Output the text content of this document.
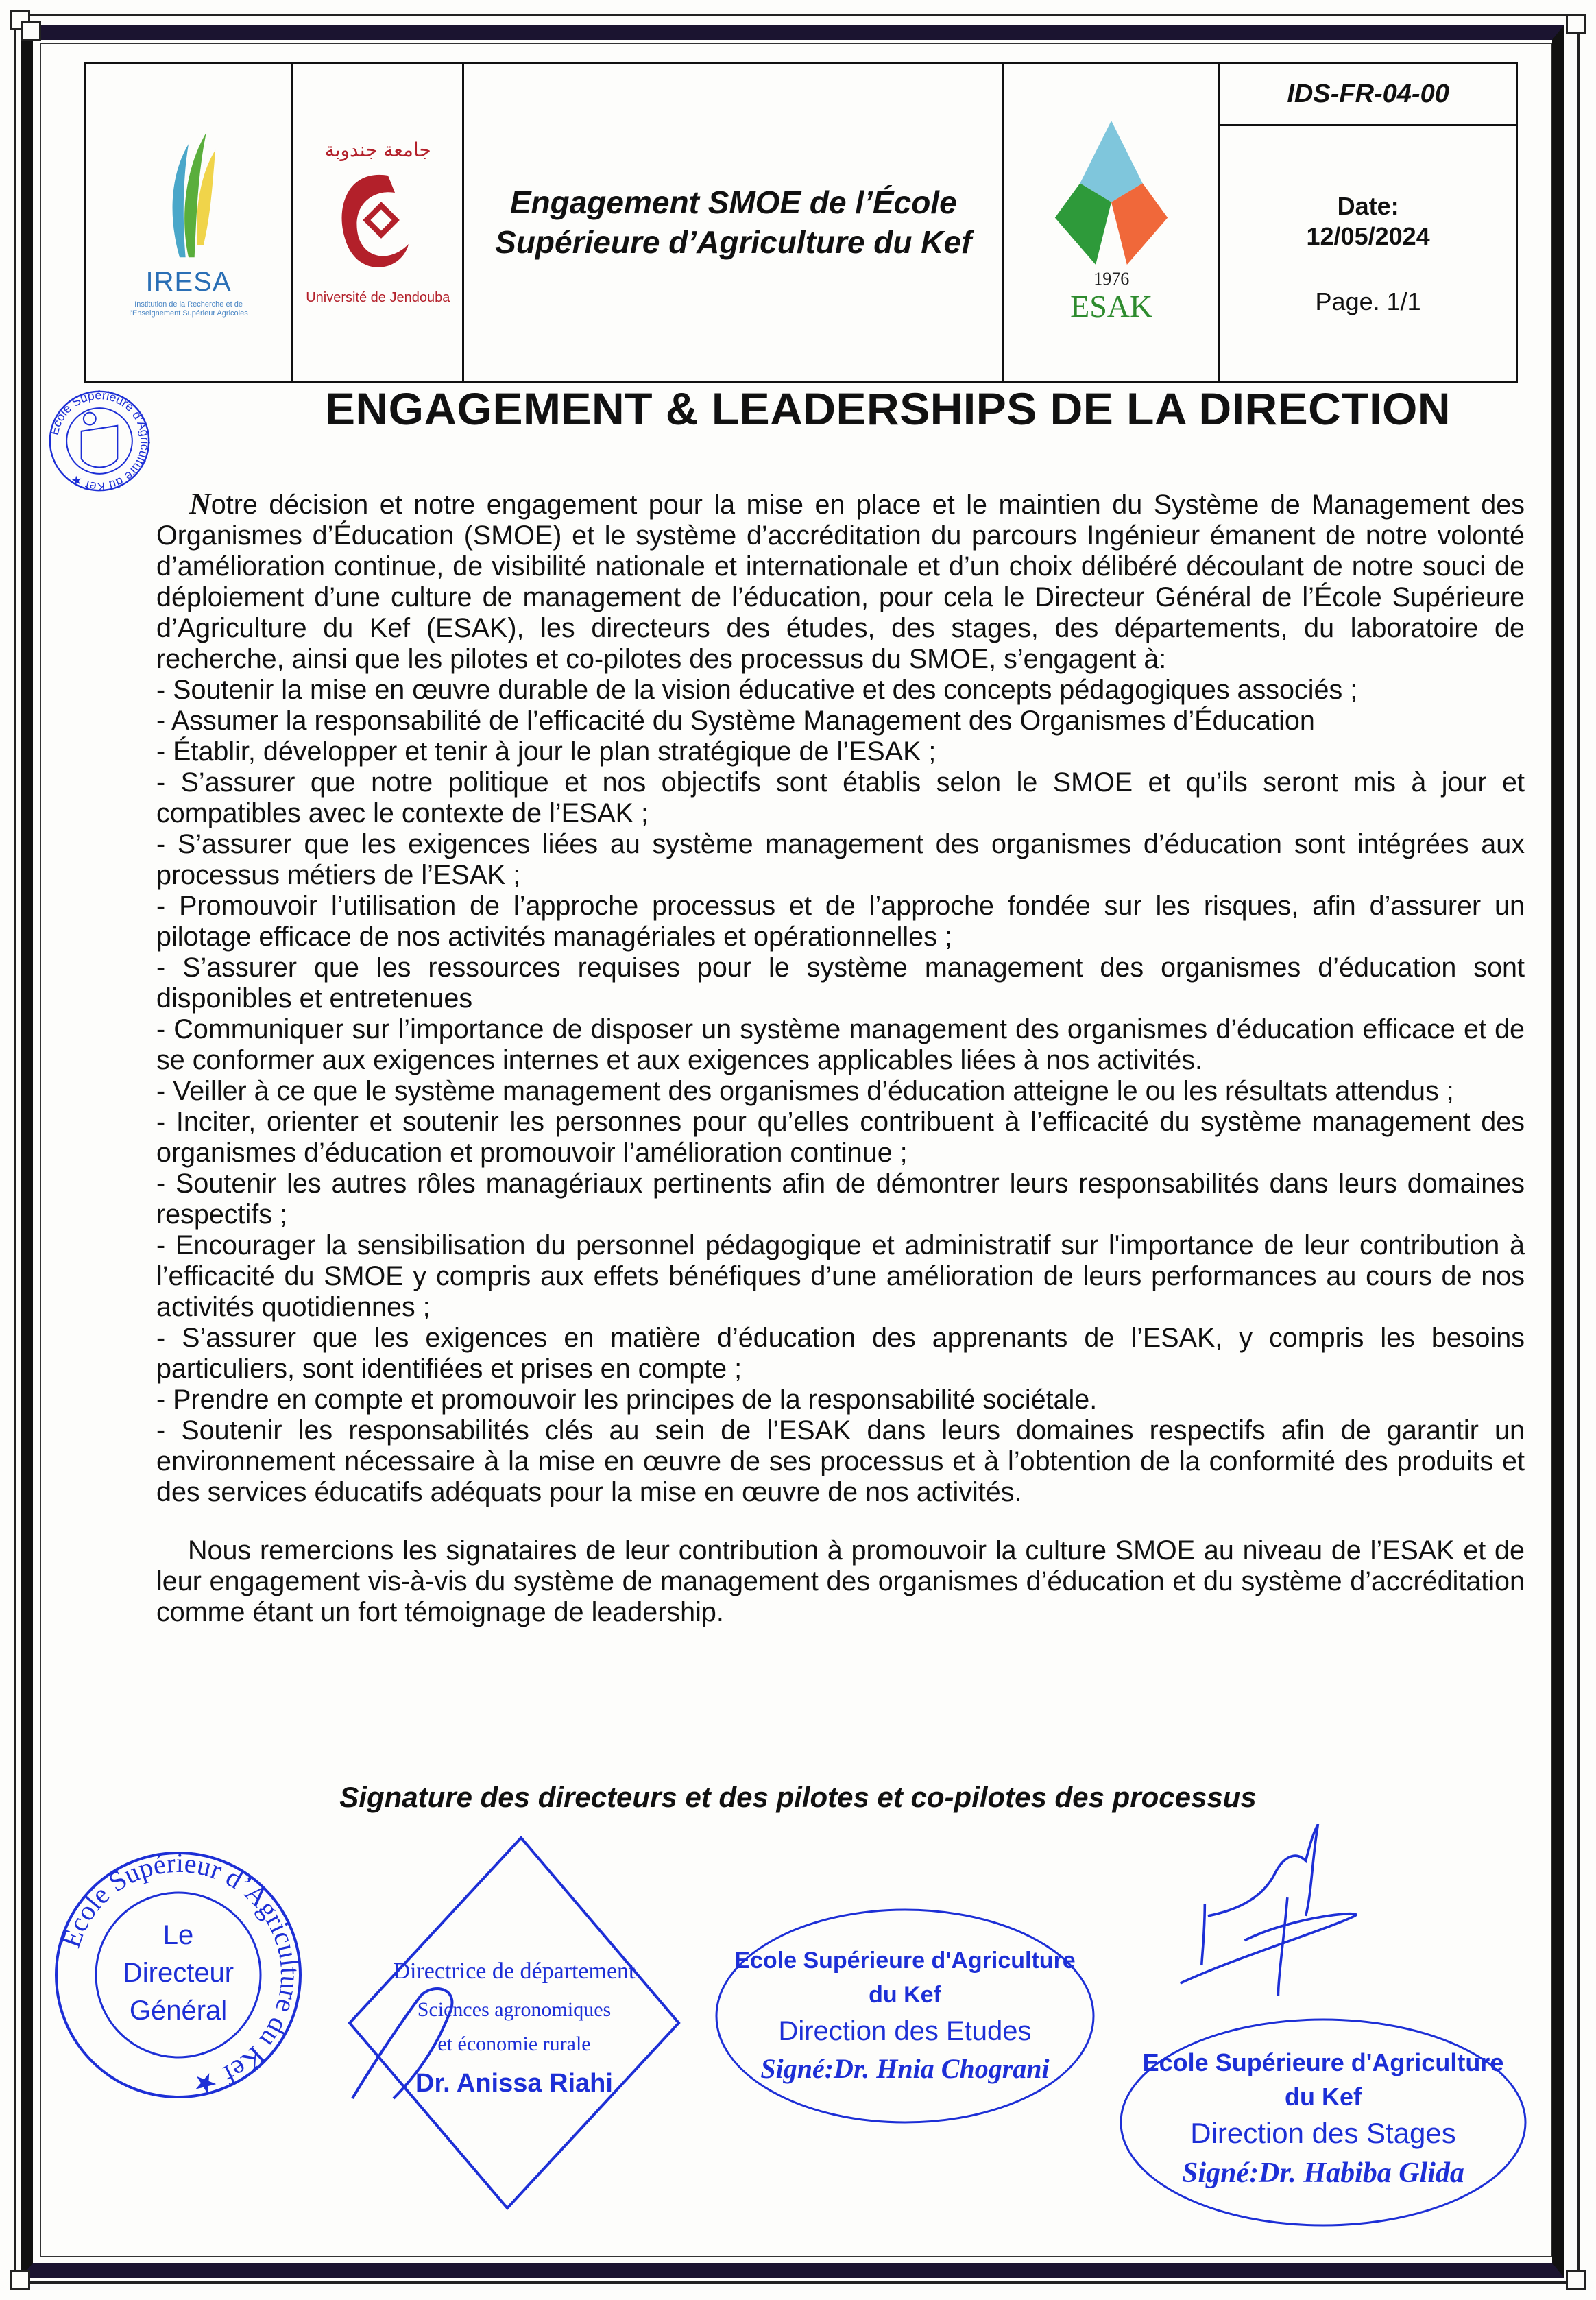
IRESA
Institution de la Recherche et de l'Enseignement Supérieur Agricoles
جامعة جندوبة
Université de Jendouba
Engagement SMOE de l’École
Supérieure d’Agriculture du Kef
1976
ESAK
IDS-FR-04-00
Date:
12/05/2024
Page. 1/1
Ecole Supérieure d’Agriculture du Kef ★
ENGAGEMENT & LEADERSHIPS DE LA DIRECTION

Notre décision et notre engagement pour la mise en place et le maintien du Système de Management des Organismes d’Éducation (SMOE) et le système d’accréditation du parcours Ingénieur émanent de notre volonté d’amélioration continue, de visibilité nationale et internationale et d’un choix délibéré découlant de notre souci de déploiement d’une culture de management de l’éducation, pour cela le Directeur Général de l’École Supérieure d’Agriculture du Kef (ESAK), les directeurs des études, des stages, des départements, du laboratoire de recherche, ainsi que les pilotes et co-pilotes des processus du SMOE, s’engagent à:

- Soutenir la mise en œuvre durable de la vision éducative et des concepts pédagogiques associés ;
- Assumer la responsabilité de l’efficacité du Système Management des Organismes d’Éducation
- Établir, développer et tenir à jour le plan stratégique de l’ESAK ;
- S’assurer que notre politique et nos objectifs sont établis selon le SMOE et qu’ils seront mis à jour et compatibles avec le contexte de l’ESAK ;
- S’assurer que les exigences liées au système management des organismes d’éducation sont intégrées aux processus métiers de l’ESAK ;
- Promouvoir l’utilisation de l’approche processus et de l’approche fondée sur les risques, afin d’assurer un pilotage efficace de nos activités managériales et opérationnelles ;
- S’assurer que les ressources requises pour le système management des organismes d’éducation sont disponibles et entretenues
- Communiquer sur l’importance de disposer un système management des organismes d’éducation efficace et de se conformer aux exigences internes et aux exigences applicables liées à nos activités.
- Veiller à ce que le système management des organismes d’éducation atteigne le ou les résultats attendus ;
- Inciter, orienter et soutenir les personnes pour qu’elles contribuent à l’efficacité du système management des organismes d’éducation et promouvoir l’amélioration continue ;
- Soutenir les autres rôles managériaux pertinents afin de démontrer leurs responsabilités dans leurs domaines respectifs ;
- Encourager la sensibilisation du personnel pédagogique et administratif sur l'importance de leur contribution à l’efficacité du SMOE y compris aux effets bénéfiques d’une amélioration de leurs performances au cours de nos activités quotidiennes ;
- S’assurer que les exigences en matière d’éducation des apprenants de l’ESAK, y compris les besoins particuliers, sont identifiées et prises en compte ;
- Prendre en compte et promouvoir les principes de la responsabilité sociétale.
- Soutenir les responsabilités clés au sein de l’ESAK dans leurs domaines respectifs afin de garantir un environnement nécessaire à la mise en œuvre de ses processus et à l’obtention de la conformité des produits et des services éducatifs adéquats pour la mise en œuvre de nos activités.

Nous remercions les signataires de leur contribution à promouvoir la culture SMOE au niveau de l’ESAK et de leur engagement vis-à-vis du système de management des organismes d’éducation et du système d’accréditation comme étant un fort témoignage de leadership.

Signature des directeurs et des pilotes et co-pilotes des processus
Ecole Supérieur d’Agriculture du Kef ★
Le
Directeur
Général

Directrice de département
Sciences agronomiques
et économie rurale
Dr. Anissa Riahi
Ecole Supérieure d'Agriculture
du Kef
Direction des Etudes
Signé:Dr. Hnia Chograni	Ecole Supérieure d'Agriculture
du Kef
Direction des Stages
Signé:Dr. Habiba Glida
